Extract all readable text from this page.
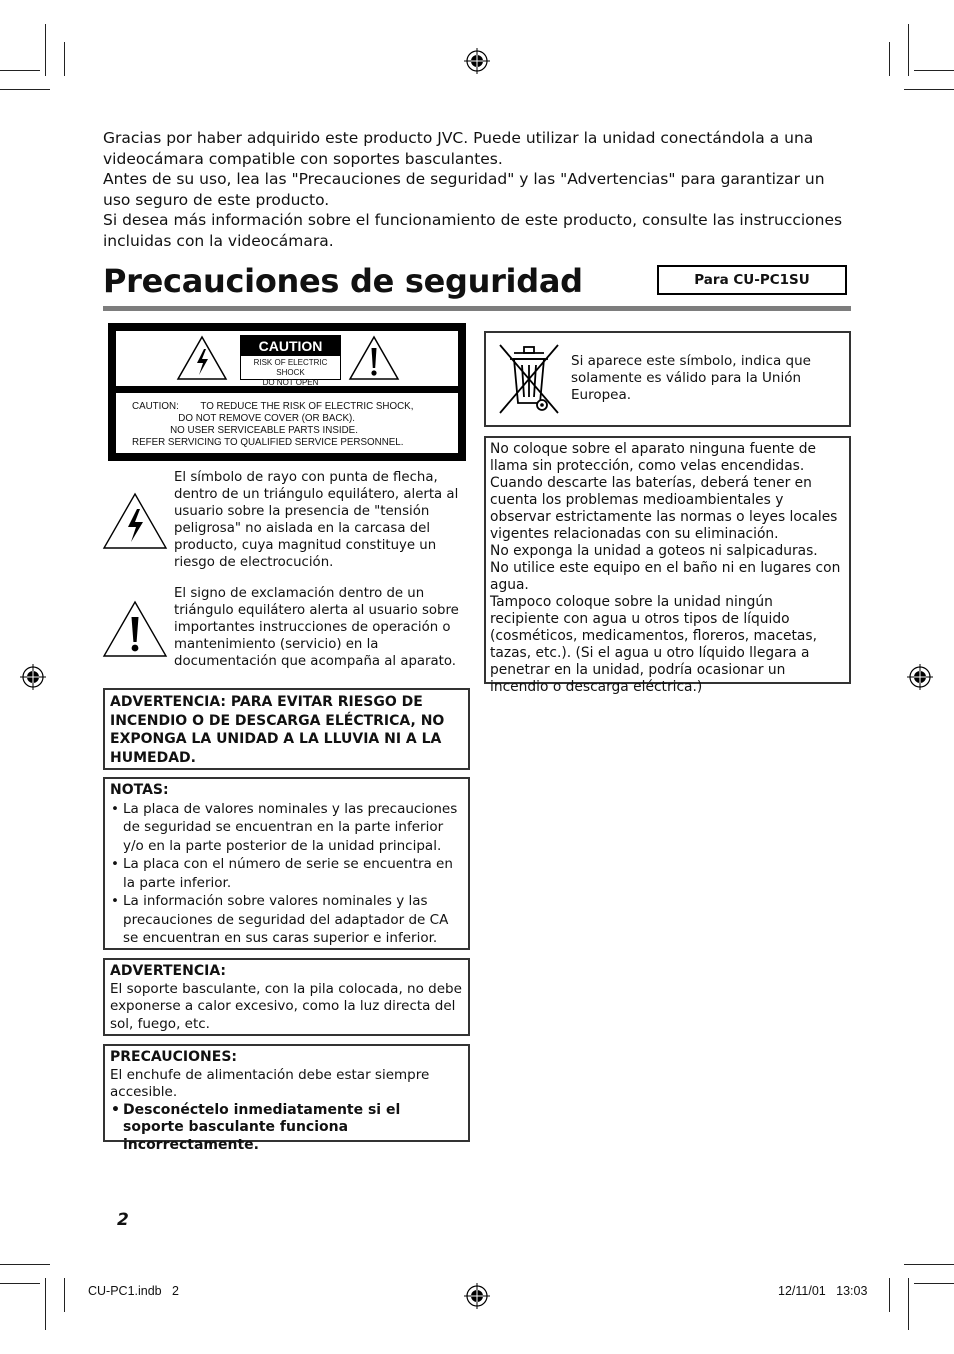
Gracias por haber adquirido este producto JVC. Puede utilizar la unidad conectándola a una videocámara compatible con soportes basculantes.

Antes de su uso, lea las "Precauciones de seguridad" y las "Advertencias" para garantizar un uso seguro de este producto.

Si desea más información sobre el funcionamiento de este producto, consulte las instrucciones incluidas con la videocámara.

Precauciones de seguridad	Para CU-PC1SU
CAUTION
RISK OF ELECTRIC SHOCK
DO NOT OPEN
CAUTION:        TO REDUCE THE RISK OF ELECTRIC SHOCK,
DO NOT REMOVE COVER (OR BACK).
NO USER SERVICEABLE PARTS INSIDE.
REFER SERVICING TO QUALIFIED SERVICE PERSONNEL.
El símbolo de rayo con punta de flecha, dentro de un triángulo equilátero, alerta al usuario sobre la presencia de "tensión peligrosa" no aislada en la carcasa del producto, cuya magnitud constituye un riesgo de electrocución.
El signo de exclamación dentro de un triángulo equilátero alerta al usuario sobre importantes instrucciones de operación o mantenimiento (servicio) en la documentación que acompaña al aparato.
ADVERTENCIA: PARA EVITAR RIESGO DE INCENDIO O DE DESCARGA ELÉCTRICA, NO EXPONGA LA UNIDAD A LA LLUVIA NI A LA HUMEDAD.
NOTAS:
• La placa de valores nominales y las precauciones de seguridad se encuentran en la parte inferior y/o en la parte posterior de la unidad principal.
• La placa con el número de serie se encuentra en la parte inferior.
• La información sobre valores nominales y las precauciones de seguridad del adaptador de CA se encuentran en sus caras superior e inferior.
ADVERTENCIA:
El soporte basculante, con la pila colocada, no debe exponerse a calor excesivo, como la luz directa del sol, fuego, etc.
PRECAUCIONES:
El enchufe de alimentación debe estar siempre accesible.
• Desconéctelo inmediatamente si el soporte basculante funciona incorrectamente.
Si aparece este símbolo, indica que solamente es válido para la Unión Europea.
No coloque sobre el aparato ninguna fuente de llama sin protección, como velas encendidas.
Cuando descarte las baterías, deberá tener en cuenta los problemas medioambientales y observar estrictamente las normas o leyes locales vigentes relacionadas con su eliminación.
No exponga la unidad a goteos ni salpicaduras.
No utilice este equipo en el baño ni en lugares con agua.
Tampoco coloque sobre la unidad ningún recipiente con agua u otros tipos de líquido (cosméticos, medicamentos, floreros, macetas, tazas, etc.). (Si el agua u otro líquido llegara a penetrar en la unidad, podría ocasionar un incendio o descarga eléctrica.)
2
CU-PC1.indb   2	12/11/01   13:03
